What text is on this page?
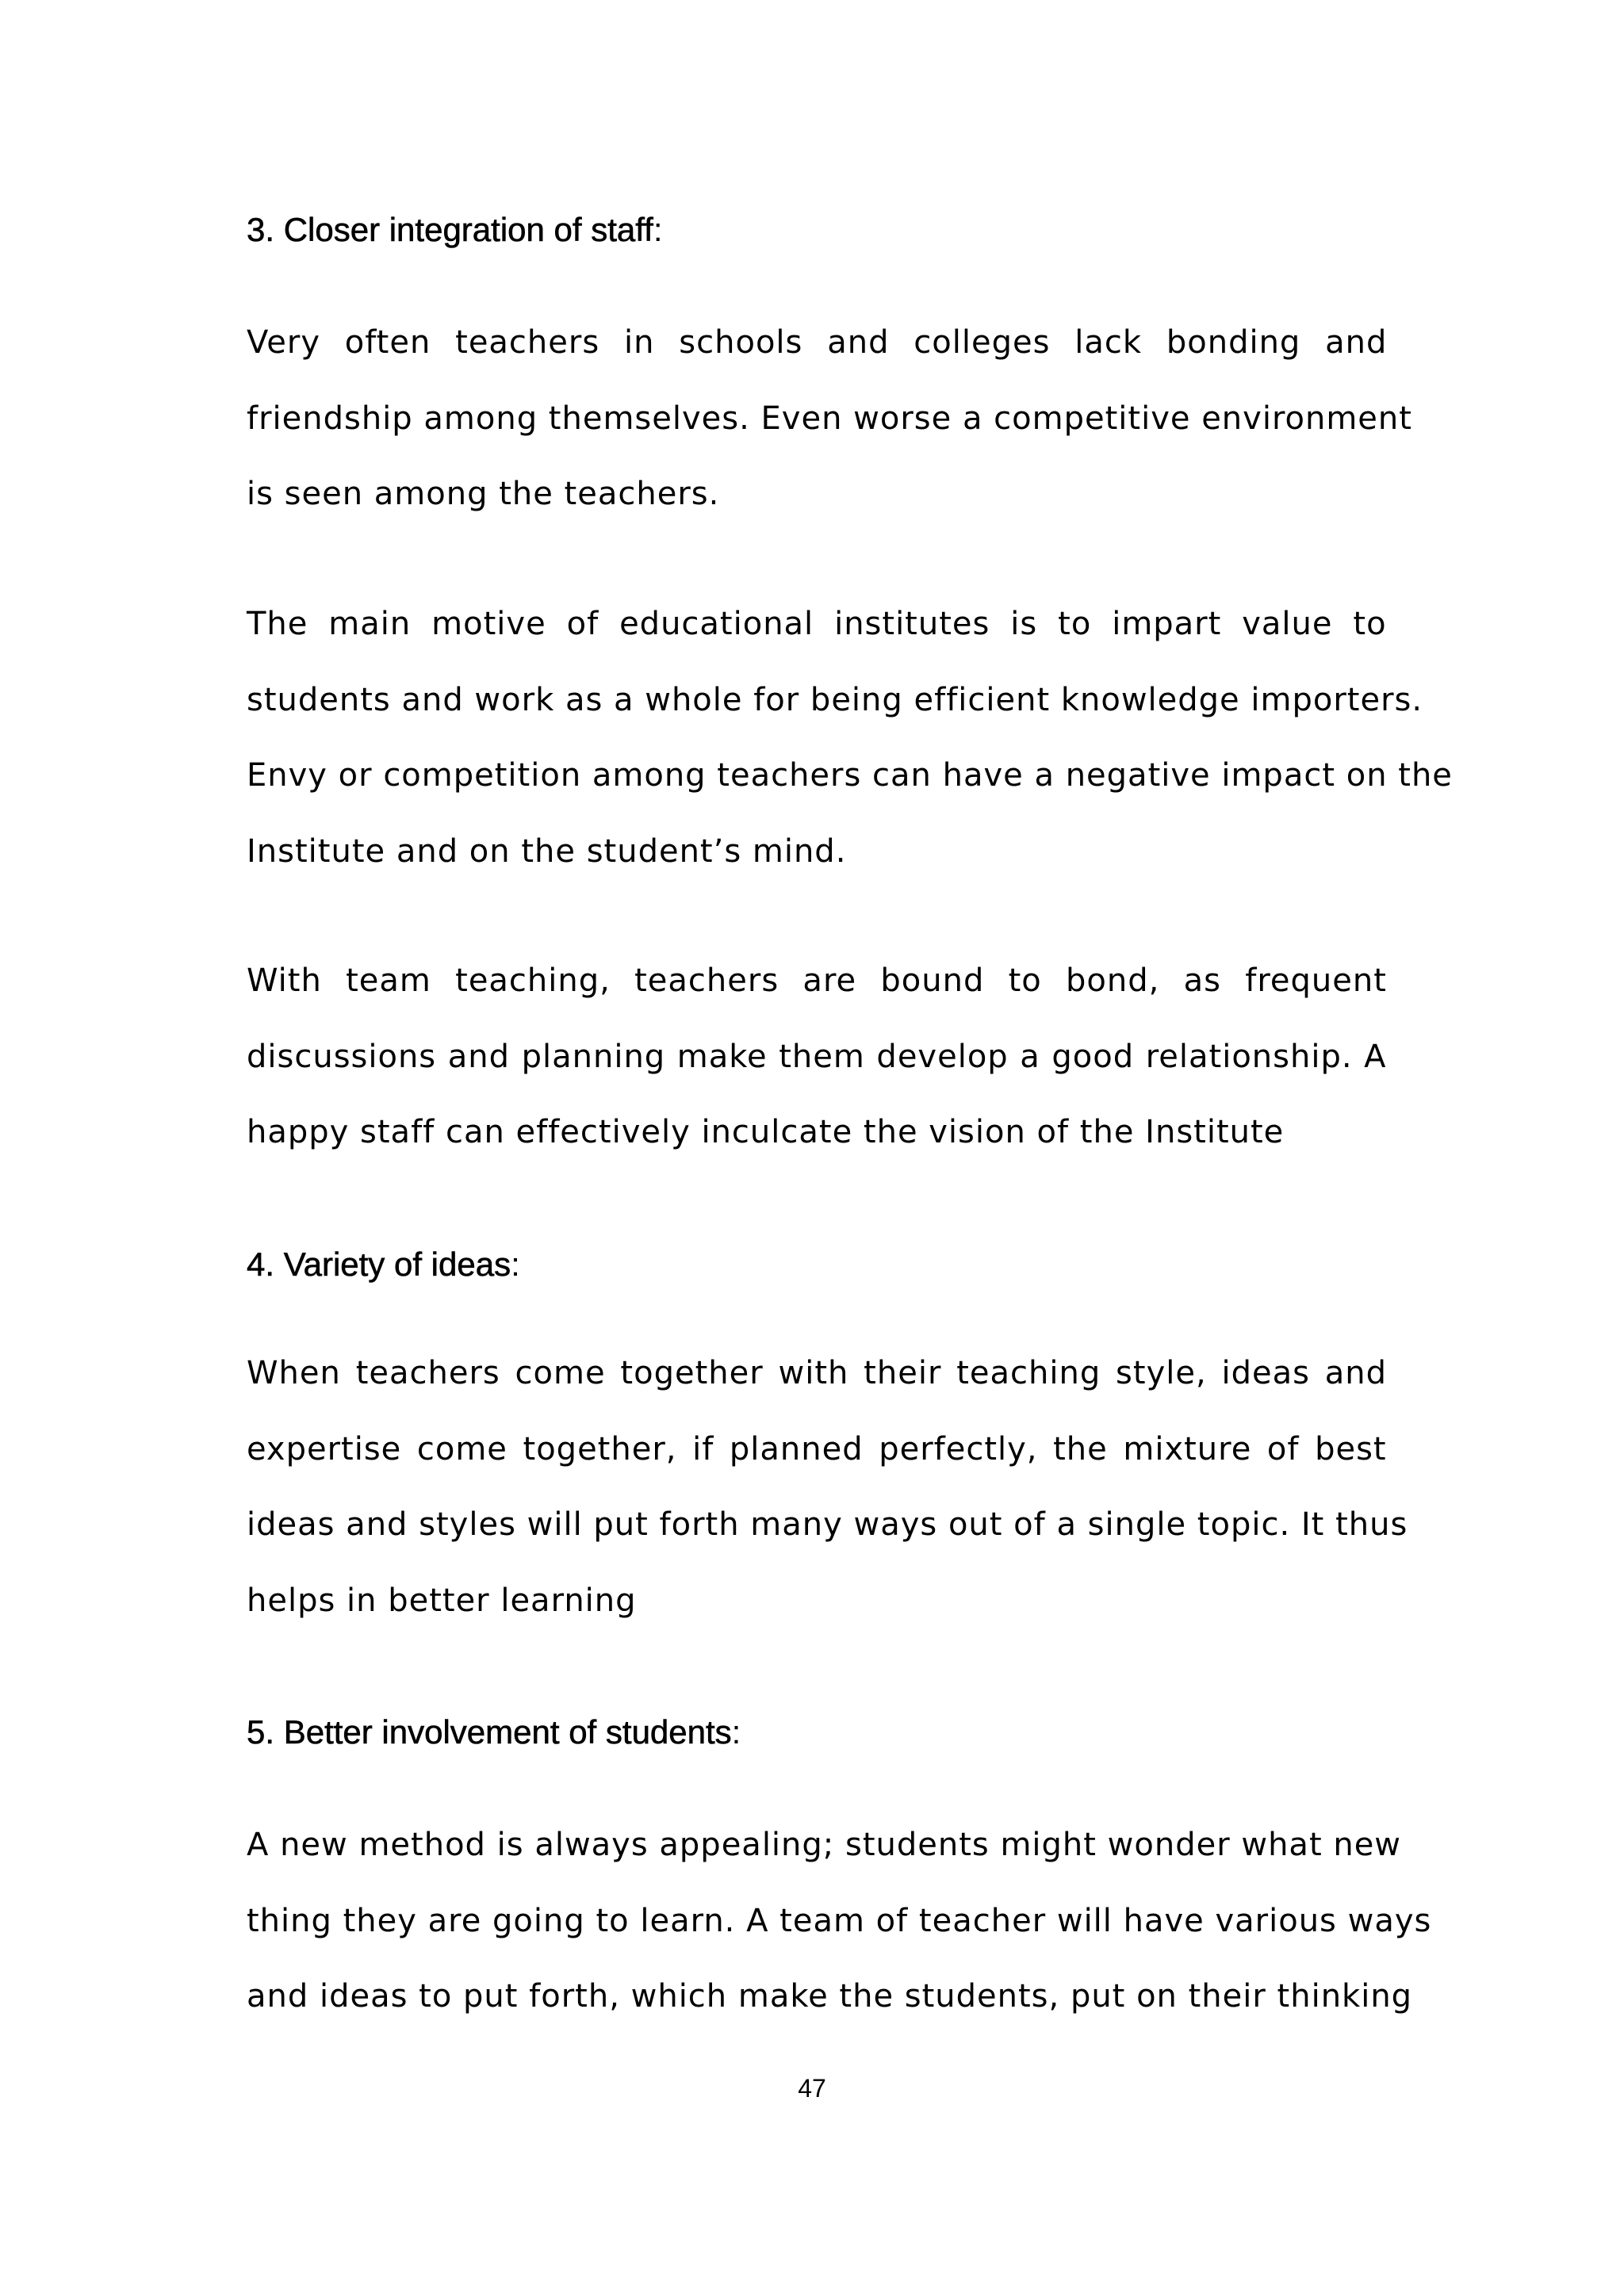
3. Closer integration of staff:
Very often teachers in schools and colleges lack bonding and
friendship among themselves. Even worse a competitive environment
is seen among the teachers.
The main motive of educational institutes is to impart value to
students and work as a whole for being efficient knowledge importers.
Envy or competition among teachers can have a negative impact on the
Institute and on the student’s mind.
With team teaching, teachers are bound to bond, as frequent
discussions and planning make them develop a good relationship. A
happy staff can effectively inculcate the vision of the Institute
4. Variety of ideas:
When teachers come together with their teaching style, ideas and
expertise come together, if planned perfectly, the mixture of best
ideas and styles will put forth many ways out of a single topic. It thus
helps in better learning
5. Better involvement of students:
A new method is always appealing; students might wonder what new
thing they are going to learn. A team of teacher will have various ways
and ideas to put forth, which make the students, put on their thinking
47
